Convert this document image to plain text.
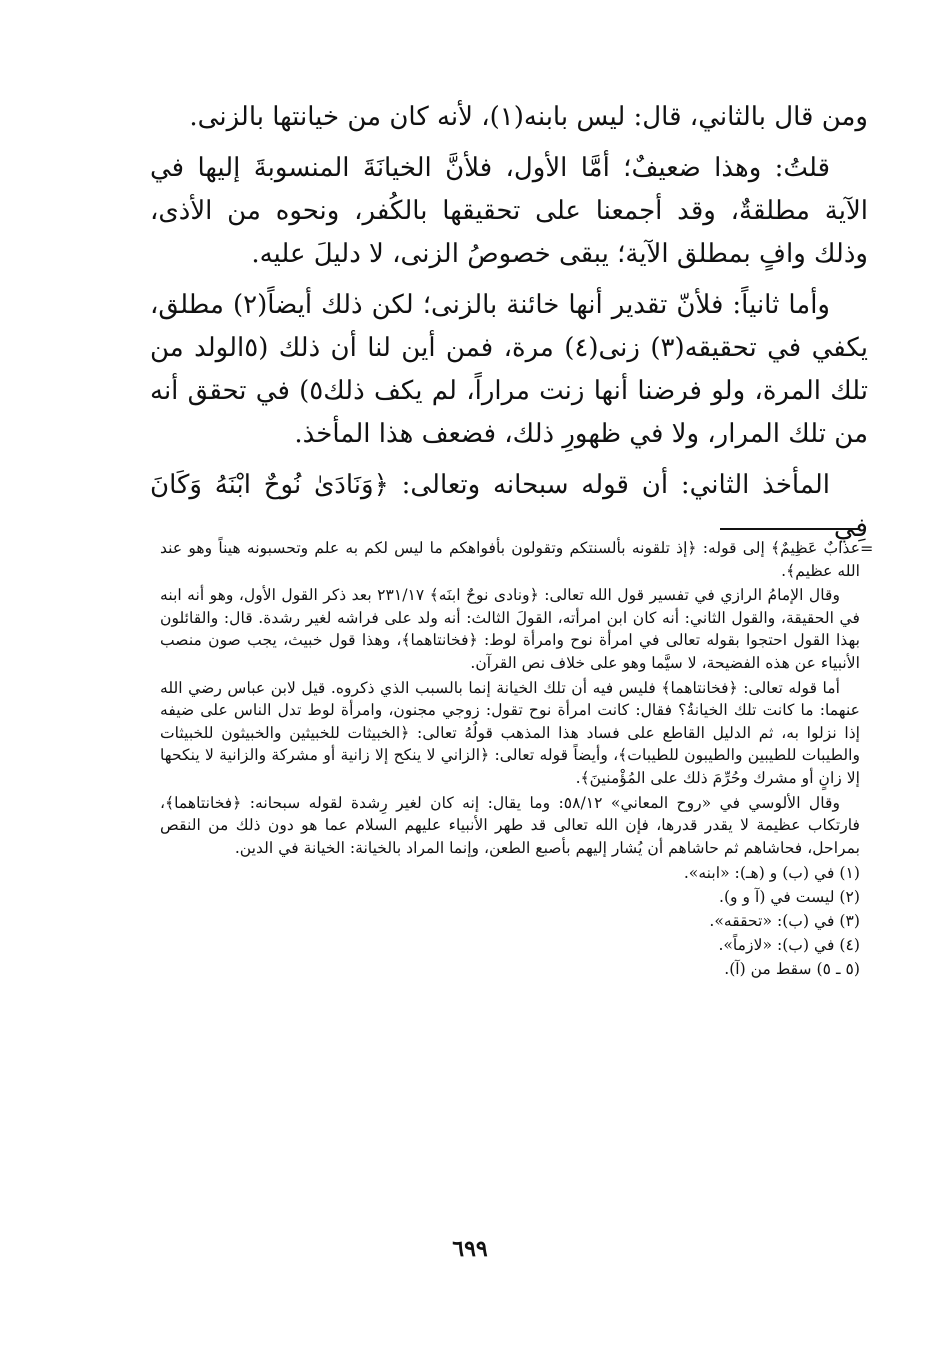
ومن قال بالثاني، قال: ليس بابنه(١)، لأنه كان من خيانتها بالزنى.

قلتُ: وهذا ضعيفٌ؛ أمَّا الأول، فلأنَّ الخيانَةَ المنسوبةَ إليها في الآية مطلقةٌ، وقد أجمعنا على تحقيقها بالكُفر، ونحوه من الأذى، وذلك وافٍ بمطلق الآية؛ يبقى خصوصُ الزنى، لا دليلَ عليه.

وأما ثانياً: فلأنّ تقدير أنها خائنة بالزنى؛ لكن ذلك أيضاً(٢) مطلق، يكفي في تحقيقه(٣) زنى(٤) مرة، فمن أين لنا أن ذلك (٥الولد من تلك المرة، ولو فرضنا أنها زنت مراراً، لم يكف ذلك٥) في تحقق أنه من تلك المرار، ولا في ظهورِ ذلك، فضعف هذا المأخذ.

المأخذ الثاني: أن قوله سبحانه وتعالى: ﴿وَنَادَىٰ نُوحٌ ابْنَهُ وَكَانَ فِي

=

عذابٌ عَظِيمٌ﴾ إلى قوله: ﴿إذ تلقونه بألسنتكم وتقولون بأفواهكم ما ليس لكم به علم وتحسبونه هيناً وهو عند الله عظيم﴾.

وقال الإمامُ الرازي في تفسير قول الله تعالى: ﴿ونادى نوحٌ ابنَه﴾ ٢٣١/١٧ بعد ذكر القول الأول، وهو أنه ابنه في الحقيقة، والقول الثاني: أنه كان ابن امرأته، القولَ الثالث: أنه ولد على فراشه لغير رشدة. قال: والقائلون بهذا القول احتجوا بقوله تعالى في امرأة نوح وامرأة لوط: ﴿فخانتاهما﴾، وهذا قول خبيث، يجب صون منصب الأنبياء عن هذه الفضيحة، لا سيَّما وهو على خلاف نص القرآن.

أما قوله تعالى: ﴿فخانتاهما﴾ فليس فيه أن تلك الخيانة إنما بالسبب الذي ذكروه. قيل لابن عباس رضي الله عنهما: ما كانت تلك الخيانةُ؟ فقال: كانت امرأة نوح تقول: زوجي مجنون، وامرأة لوط تدل الناس على ضيفه إذا نزلوا به، ثم الدليل القاطع على فساد هذا المذهب قولُهُ تعالى: ﴿الخبيثات للخبيثين والخبيثون للخبيثات والطيبات للطيبين والطيبون للطيبات﴾، وأيضاً قوله تعالى: ﴿الزاني لا ينكح إلا زانية أو مشركة والزانية لا ينكحها إلا زانٍ أو مشرك وحُرِّمَ ذلك على المُؤْمنينَ﴾.

وقال الألوسي في «روح المعاني» ٥٨/١٢: وما يقال: إنه كان لغير رِشدة لقوله سبحانه: ﴿فخانتاهما﴾، فارتكاب عظيمة لا يقدر قدرها، فإن الله تعالى قد طهر الأنبياء عليهم السلام عما هو دون ذلك من النقص بمراحل، فحاشاهم ثم حاشاهم أن يُشار إليهم بأصبع الطعن، وإنما المراد بالخيانة: الخيانة في الدين.

(١) في (ب) و (هـ): «ابنه».
(٢) ليست في (آ و و).
(٣) في (ب): «تحققه».
(٤) في (ب): «لازماً».
(٥ ـ ٥) سقط من (آ).
٦٩٩
